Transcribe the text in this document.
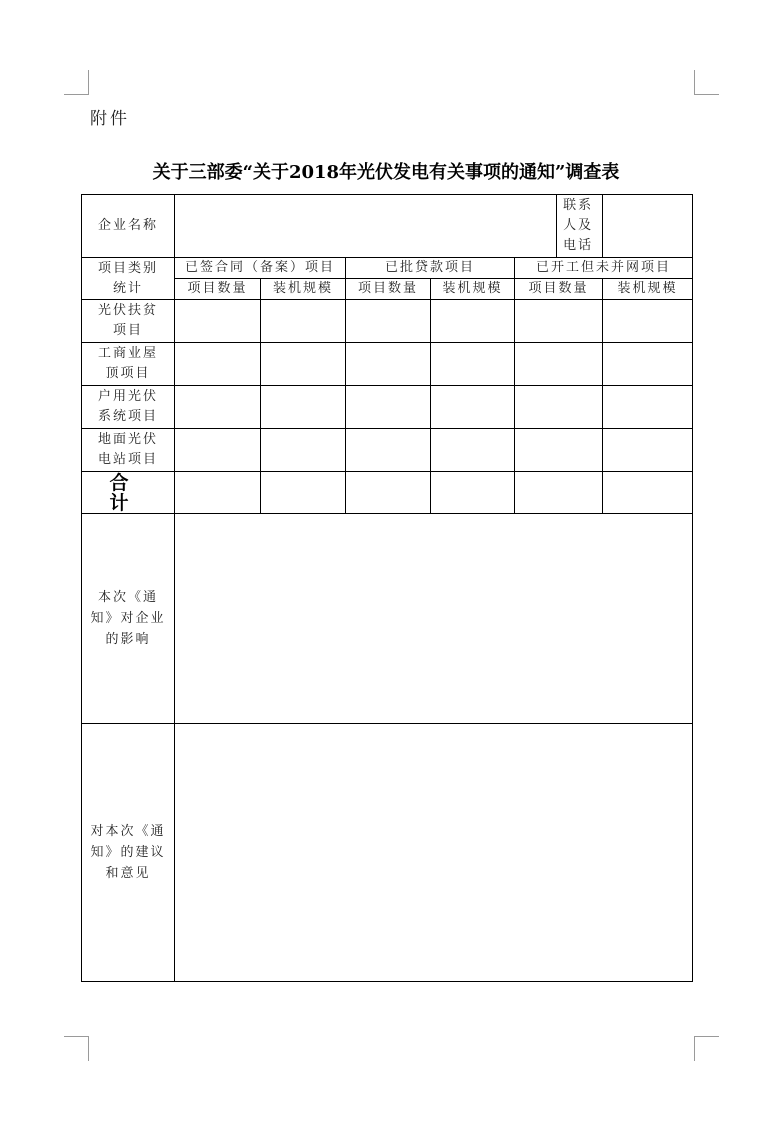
附件
关于三部委“关于2018年光伏发电有关事项的通知”调查表
企业名称						联系
人及
电话	

项目类别
统计	已签合同（备案）项目		已批贷款项目		已开工但未并网项目		
	项目数量	装机规模	项目数量	装机规模	项目数量		装机规模

光伏扶贫
项目							

工商业屋
顶项目							

户用光伏
系统项目							

地面光伏
电站项目							

合 计							

本次《通
知》对企业
的影响							

对本次《通
知》的建议
和意见							
